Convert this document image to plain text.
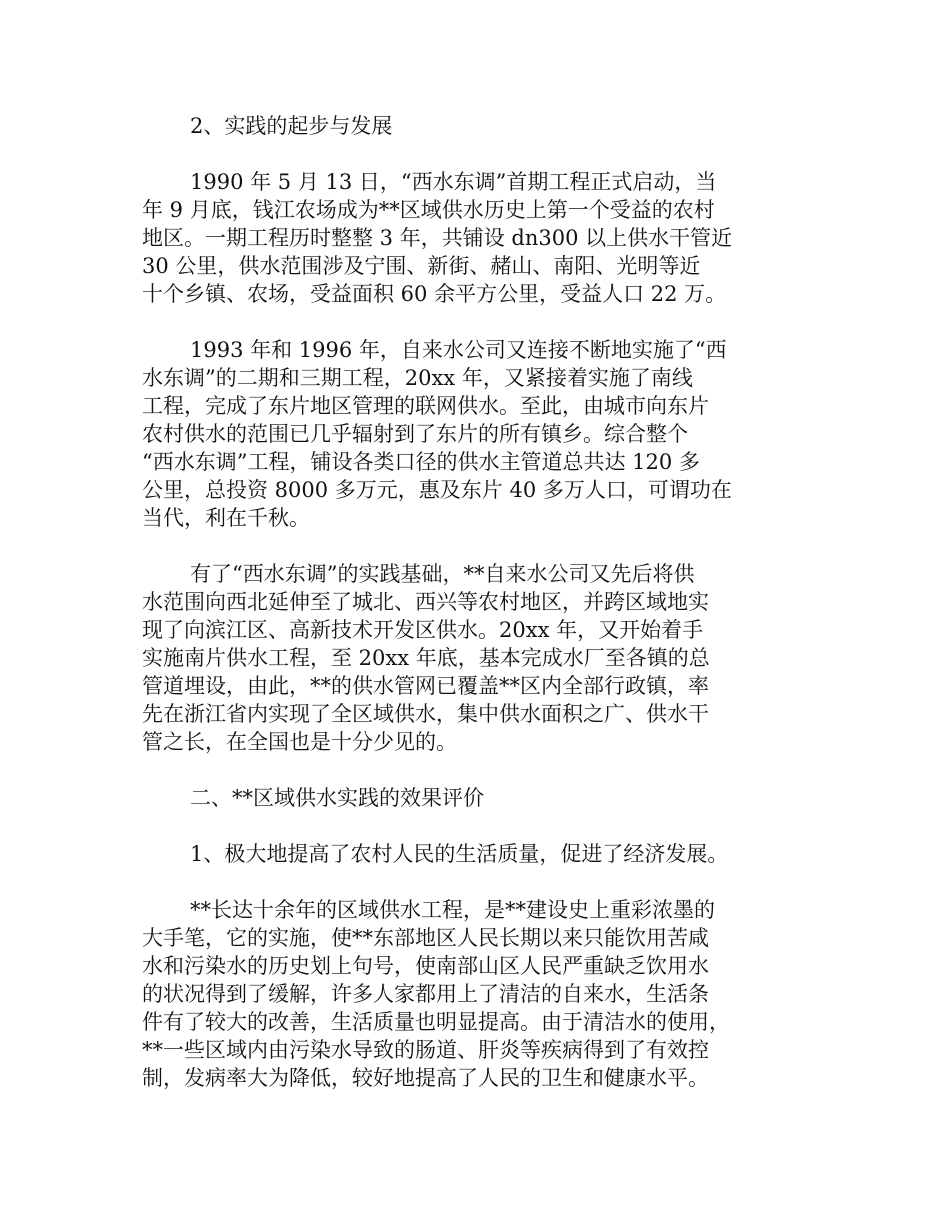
2、实践的起步与发展
1990 年 5 月 13 日，“西水东调”首期工程正式启动，当
年 9 月底，钱江农场成为**区域供水历史上第一个受益的农村
地区。一期工程历时整整 3 年，共铺设 dn300 以上供水干管近
30 公里，供水范围涉及宁围、新街、赭山、南阳、光明等近
十个乡镇、农场，受益面积 60 余平方公里，受益人口 22 万。
1993 年和 1996 年，自来水公司又连接不断地实施了“西
水东调”的二期和三期工程，20xx 年，又紧接着实施了南线
工程，完成了东片地区管理的联网供水。至此，由城市向东片
农村供水的范围已几乎辐射到了东片的所有镇乡。综合整个
“西水东调”工程，铺设各类口径的供水主管道总共达 120 多
公里，总投资 8000 多万元，惠及东片 40 多万人口，可谓功在
当代，利在千秋。
有了“西水东调”的实践基础，**自来水公司又先后将供
水范围向西北延伸至了城北、西兴等农村地区，并跨区域地实
现了向滨江区、高新技术开发区供水。20xx 年，又开始着手
实施南片供水工程，至 20xx 年底，基本完成水厂至各镇的总
管道埋设，由此，**的供水管网已覆盖**区内全部行政镇，率
先在浙江省内实现了全区域供水，集中供水面积之广、供水干
管之长，在全国也是十分少见的。
二、**区域供水实践的效果评价
1、极大地提高了农村人民的生活质量，促进了经济发展。
**长达十余年的区域供水工程，是**建设史上重彩浓墨的
大手笔，它的实施，使**东部地区人民长期以来只能饮用苦咸
水和污染水的历史划上句号，使南部山区人民严重缺乏饮用水
的状况得到了缓解，许多人家都用上了清洁的自来水，生活条
件有了较大的改善，生活质量也明显提高。由于清洁水的使用，
**一些区域内由污染水导致的肠道、肝炎等疾病得到了有效控
制，发病率大为降低，较好地提高了人民的卫生和健康水平。
